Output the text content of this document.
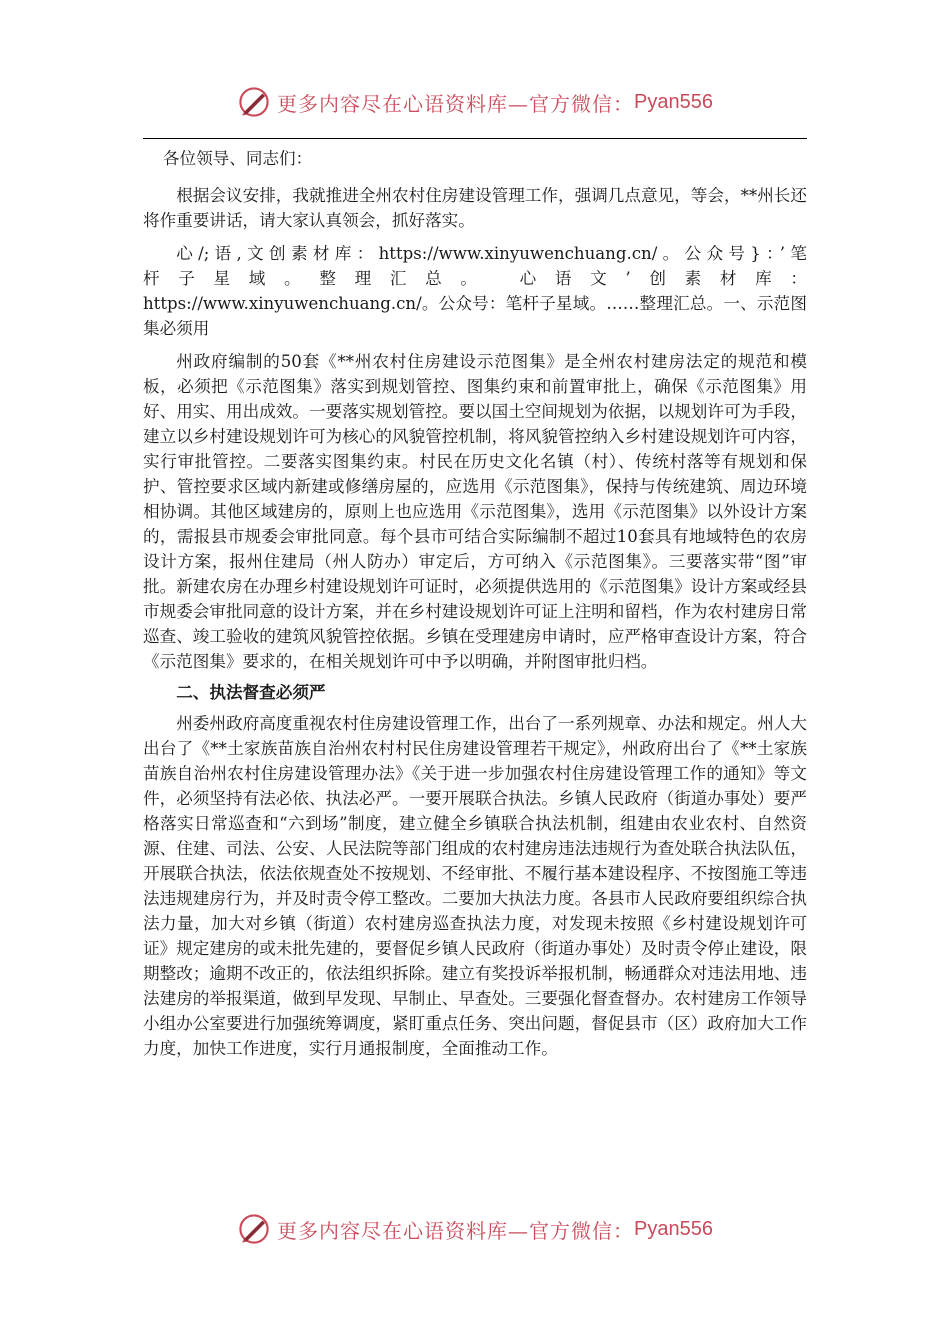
更多内容尽在心语资料库—官方微信： Pyan556

各位领导、同志们：

根据会议安排，我就推进全州农村住房建设管理工作，强调几点意见，等会，**州长还将作重要讲话，请大家认真领会，抓好落实。

心/;语,文创素材库：https://www.xinyuwenchuang.cn/。公众号}：’笔

杆子星域。整理汇总。 心语文’创素材库：

https://www.xinyuwenchuang.cn/。公众号：笔杆子星域。……整理汇总。一、示范图集必须用

州政府编制的50套《**州农村住房建设示范图集》是全州农村建房法定的规范和模板，必须把《示范图集》落实到规划管控、图集约束和前置审批上，确保《示范图集》用好、用实、用出成效。一要落实规划管控。要以国土空间规划为依据，以规划许可为手段，建立以乡村建设规划许可为核心的风貌管控机制，将风貌管控纳入乡村建设规划许可内容，实行审批管控。二要落实图集约束。村民在历史文化名镇（村）、传统村落等有规划和保护、管控要求区域内新建或修缮房屋的，应选用《示范图集》，保持与传统建筑、周边环境相协调。其他区域建房的，原则上也应选用《示范图集》，选用《示范图集》以外设计方案的，需报县市规委会审批同意。每个县市可结合实际编制不超过10套具有地域特色的农房设计方案，报州住建局（州人防办）审定后，方可纳入《示范图集》。三要落实带“图”审批。新建农房在办理乡村建设规划许可证时，必须提供选用的《示范图集》设计方案或经县市规委会审批同意的设计方案，并在乡村建设规划许可证上注明和留档，作为农村建房日常巡查、竣工验收的建筑风貌管控依据。乡镇在受理建房申请时，应严格审查设计方案，符合《示范图集》要求的，在相关规划许可中予以明确，并附图审批归档。

二、执法督查必须严

州委州政府高度重视农村住房建设管理工作，出台了一系列规章、办法和规定。州人大出台了《**土家族苗族自治州农村村民住房建设管理若干规定》，州政府出台了《**土家族苗族自治州农村住房建设管理办法》《关于进一步加强农村住房建设管理工作的通知》等文件，必须坚持有法必依、执法必严。一要开展联合执法。乡镇人民政府（街道办事处）要严格落实日常巡查和“六到场”制度，建立健全乡镇联合执法机制，组建由农业农村、自然资源、住建、司法、公安、人民法院等部门组成的农村建房违法违规行为查处联合执法队伍，开展联合执法，依法依规查处不按规划、不经审批、不履行基本建设程序、不按图施工等违法违规建房行为，并及时责令停工整改。二要加大执法力度。各县市人民政府要组织综合执法力量，加大对乡镇（街道）农村建房巡查执法力度，对发现未按照《乡村建设规划许可证》规定建房的或未批先建的，要督促乡镇人民政府（街道办事处）及时责令停止建设，限期整改；逾期不改正的，依法组织拆除。建立有奖投诉举报机制，畅通群众对违法用地、违法建房的举报渠道，做到早发现、早制止、早查处。三要强化督查督办。农村建房工作领导小组办公室要进行加强统筹调度，紧盯重点任务、突出问题，督促县市（区）政府加大工作力度，加快工作进度，实行月通报制度，全面推动工作。

更多内容尽在心语资料库—官方微信： Pyan556
